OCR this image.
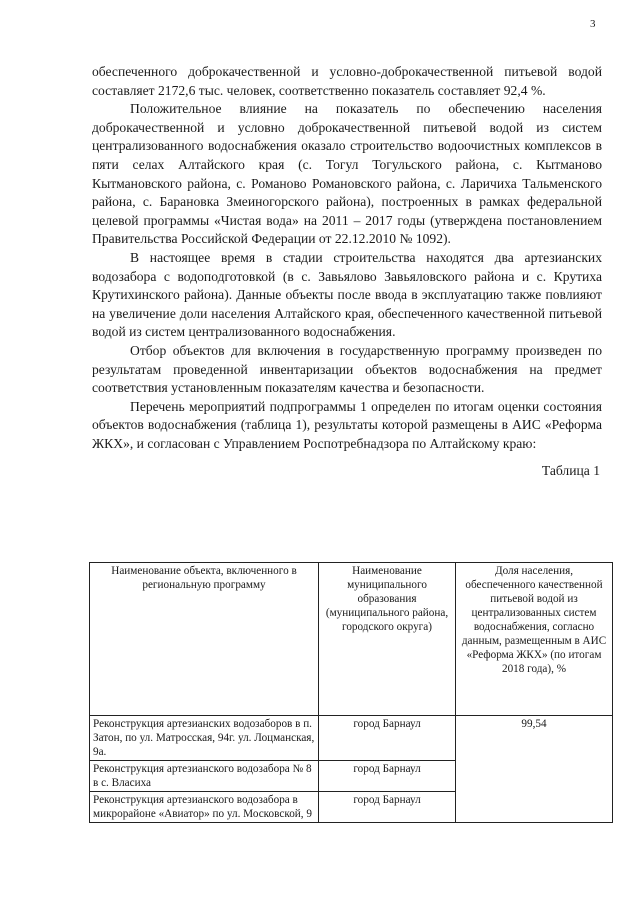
3

обеспеченного доброкачественной и условно-доброкачественной питьевой водой составляет 2172,6 тыс. человек, соответственно показатель составляет 92,4 %.

Положительное влияние на показатель по обеспечению населения доброкачественной и условно доброкачественной питьевой водой из систем централизованного водоснабжения оказало строительство водоочистных комплексов в пяти селах Алтайского края (с. Тогул Тогульского района, с. Кытманово Кытмановского района, с. Романово Романовского района, с. Ларичиха Тальменского района, с. Барановка Змеиногорского района), построенных в рамках федеральной целевой программы «Чистая вода» на 2011 – 2017 годы (утверждена постановлением Правительства Российской Федерации от 22.12.2010 № 1092).

В настоящее время в стадии строительства находятся два артезианских водозабора с водоподготовкой (в с. Завьялово Завьяловского района и с. Крутиха Крутихинского района). Данные объекты после ввода в эксплуатацию также повлияют на увеличение доли населения Алтайского края, обеспеченного качественной питьевой водой из систем централизованного водоснабжения.

Отбор объектов для включения в государственную программу произведен по результатам проведенной инвентаризации объектов водоснабжения на предмет соответствия установленным показателям качества и безопасности.

Перечень мероприятий подпрограммы 1 определен по итогам оценки состояния объектов водоснабжения (таблица 1), результаты которой размещены в АИС «Реформа ЖКХ», и согласован с Управлением Роспотребнадзора по Алтайскому краю:

Таблица 1

Наименование объекта, включенного в региональную программу	Наименование муниципального образования (муниципального района, городского округа)	Доля населения, обеспеченного качественной питьевой водой из централизованных систем водоснабжения, согласно данным, размещенным в АИС «Реформа ЖКХ» (по итогам 2018 года), %
Реконструкция артезианских водозаборов в п. Затон, по ул. Матросская, 94г. ул. Лоцманская, 9а.	город Барнаул	99,54
Реконструкция артезианского водозабора № 8 в с. Власиха	город Барнаул	
Реконструкция артезианского водозабора в микрорайоне «Авиатор» по ул. Московской, 9	город Барнаул	
